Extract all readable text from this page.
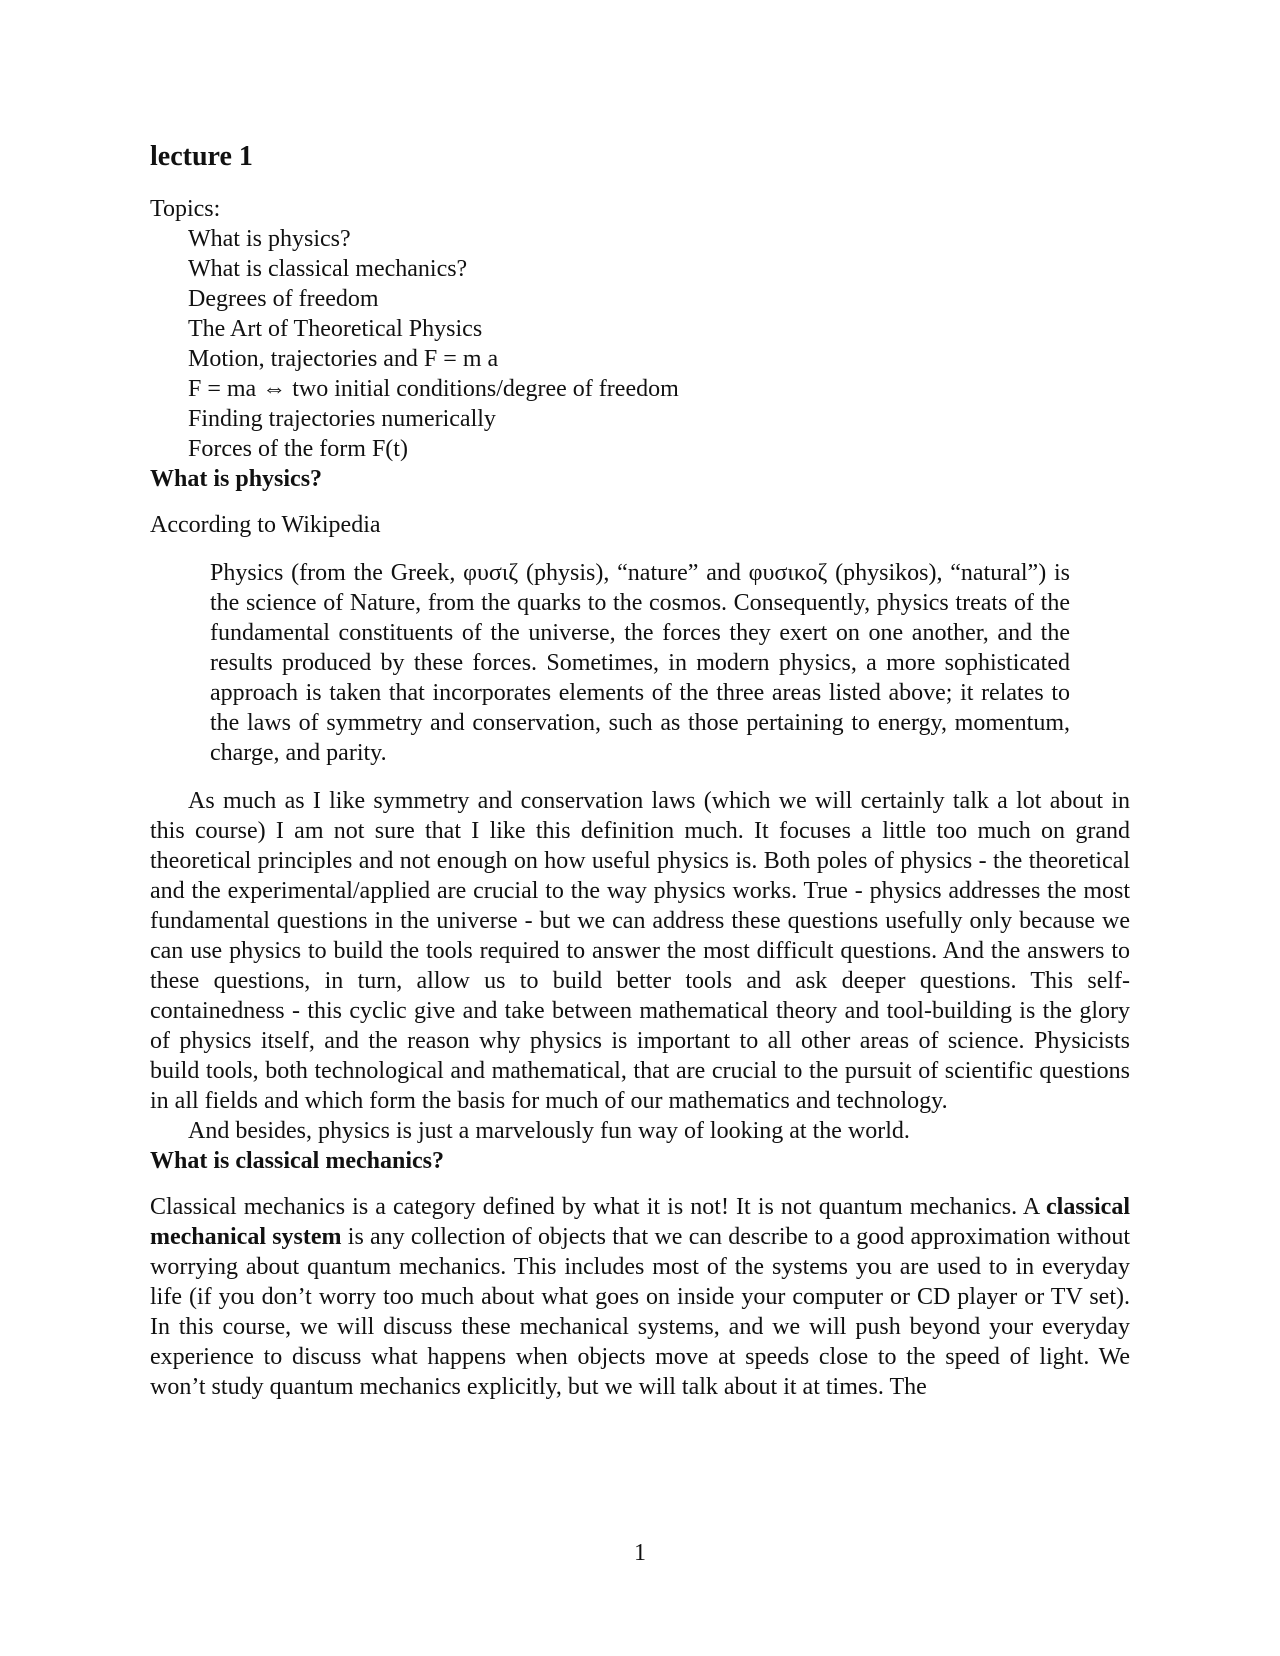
lecture 1
Topics:
What is physics?
What is classical mechanics?
Degrees of freedom
The Art of Theoretical Physics
Motion, trajectories and F = m a
F = ma ⇔ two initial conditions/degree of freedom
Finding trajectories numerically
Forces of the form F(t)
What is physics?

According to Wikipedia

Physics (from the Greek, φυσιζ (physis), “nature” and φυσικοζ (physikos), “natural”) is the science of Nature, from the quarks to the cosmos. Consequently, physics treats of the fundamental constituents of the universe, the forces they exert on one another, and the results produced by these forces. Sometimes, in modern physics, a more sophisticated approach is taken that incorporates elements of the three areas listed above; it relates to the laws of symmetry and conservation, such as those pertaining to energy, momentum, charge, and parity.

As much as I like symmetry and conservation laws (which we will certainly talk a lot about in this course) I am not sure that I like this definition much. It focuses a little too much on grand theoretical principles and not enough on how useful physics is. Both poles of physics - the theoretical and the experimental/applied are crucial to the way physics works. True - physics addresses the most fundamental questions in the universe - but we can address these questions usefully only because we can use physics to build the tools required to answer the most difficult questions. And the answers to these questions, in turn, allow us to build better tools and ask deeper questions. This self-containedness - this cyclic give and take between mathematical theory and tool-building is the glory of physics itself, and the reason why physics is important to all other areas of science. Physicists build tools, both technological and mathematical, that are crucial to the pursuit of scientific questions in all fields and which form the basis for much of our mathematics and technology.

And besides, physics is just a marvelously fun way of looking at the world.

What is classical mechanics?

Classical mechanics is a category defined by what it is not! It is not quantum mechanics. A classical mechanical system is any collection of objects that we can describe to a good approximation without worrying about quantum mechanics. This includes most of the systems you are used to in everyday life (if you don’t worry too much about what goes on inside your computer or CD player or TV set). In this course, we will discuss these mechanical systems, and we will push beyond your everyday experience to discuss what happens when objects move at speeds close to the speed of light. We won’t study quantum mechanics explicitly, but we will talk about it at times. The

1
